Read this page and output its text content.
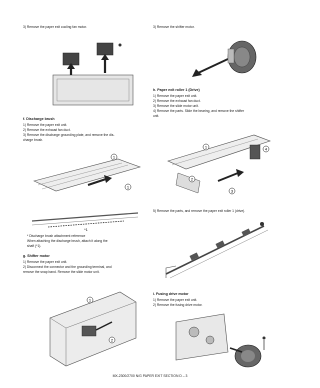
3) Remove the paper exit cooling fan motor.
f. Discharge brush
1) Remove the paper exit unit.
2) Remove the exhaust fan duct.
3) Remove the discharge grounding plate, and remove the dis-
charge brush.
1
1
*1
* Discharge brush attachment reference
When attaching the discharge brush, attach it along the
shaft (*1).
g. Shifter motor
1) Remove the paper exit unit.
2) Disconnect the connector and the grounding terminal, and
remove the snap band. Remove the slide motor unit.
1
2
3) Remove the shifter motor.
h. Paper exit roller 1 (Drive)
1) Remove the paper exit unit.
2) Remove the exhaust fan duct.
3) Remove the slide motor unit.
4) Remove the parts. Slide the bearing, and remove the shifter
unit.
1
2
3
4
5) Remove the parts, and remove the paper exit roller 1 (drive).
i. Fusing drive motor
1) Remove the paper exit unit.
2) Remove the fusing drive motor.
MX-2300/2700 N/G PAPER EXIT SECTION D – 3
